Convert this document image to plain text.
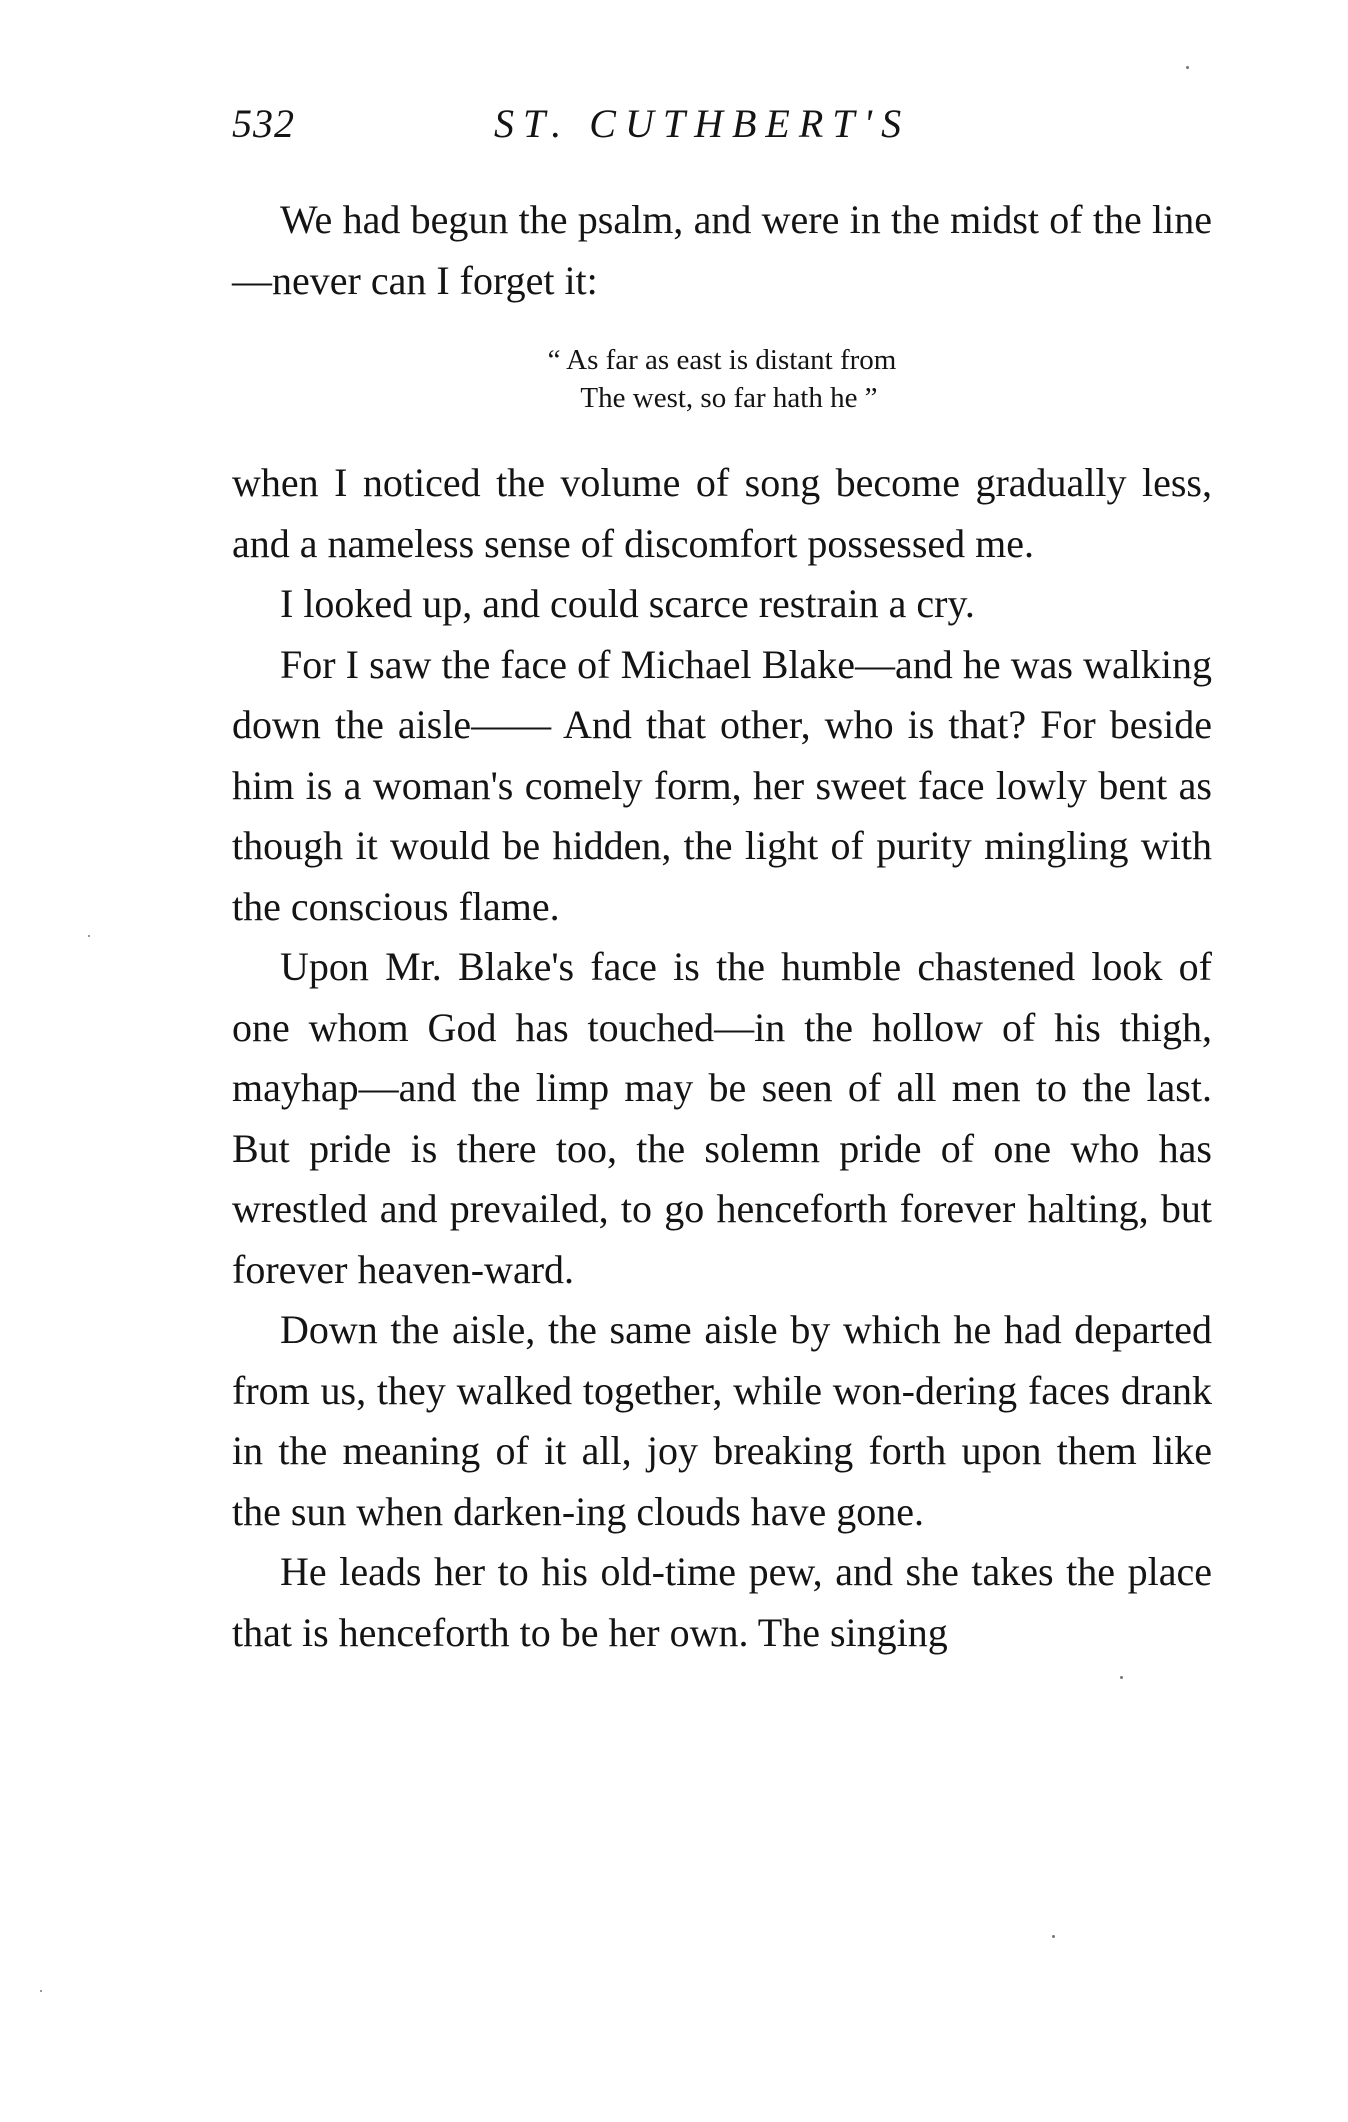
532	ST. CUTHBERT'S

We had begun the psalm, and were in the midst of the line—never can I forget it:

“ As far as east is distant from
The west, so far hath he ”

when I noticed the volume of song become gradually less, and a nameless sense of discomfort possessed me.

I looked up, and could scarce restrain a cry.

For I saw the face of Michael Blake—and he was walking down the aisle—— And that other, who is that? For beside him is a woman's comely form, her sweet face lowly bent as though it would be hidden, the light of purity mingling with the conscious flame.

Upon Mr. Blake's face is the humble chastened look of one whom God has touched—in the hollow of his thigh, mayhap—and the limp may be seen of all men to the last. But pride is there too, the solemn pride of one who has wrestled and prevailed, to go henceforth forever halting, but forever heaven-ward.

Down the aisle, the same aisle by which he had departed from us, they walked together, while won-dering faces drank in the meaning of it all, joy breaking forth upon them like the sun when darken-ing clouds have gone.

He leads her to his old-time pew, and she takes the place that is henceforth to be her own. The singing
